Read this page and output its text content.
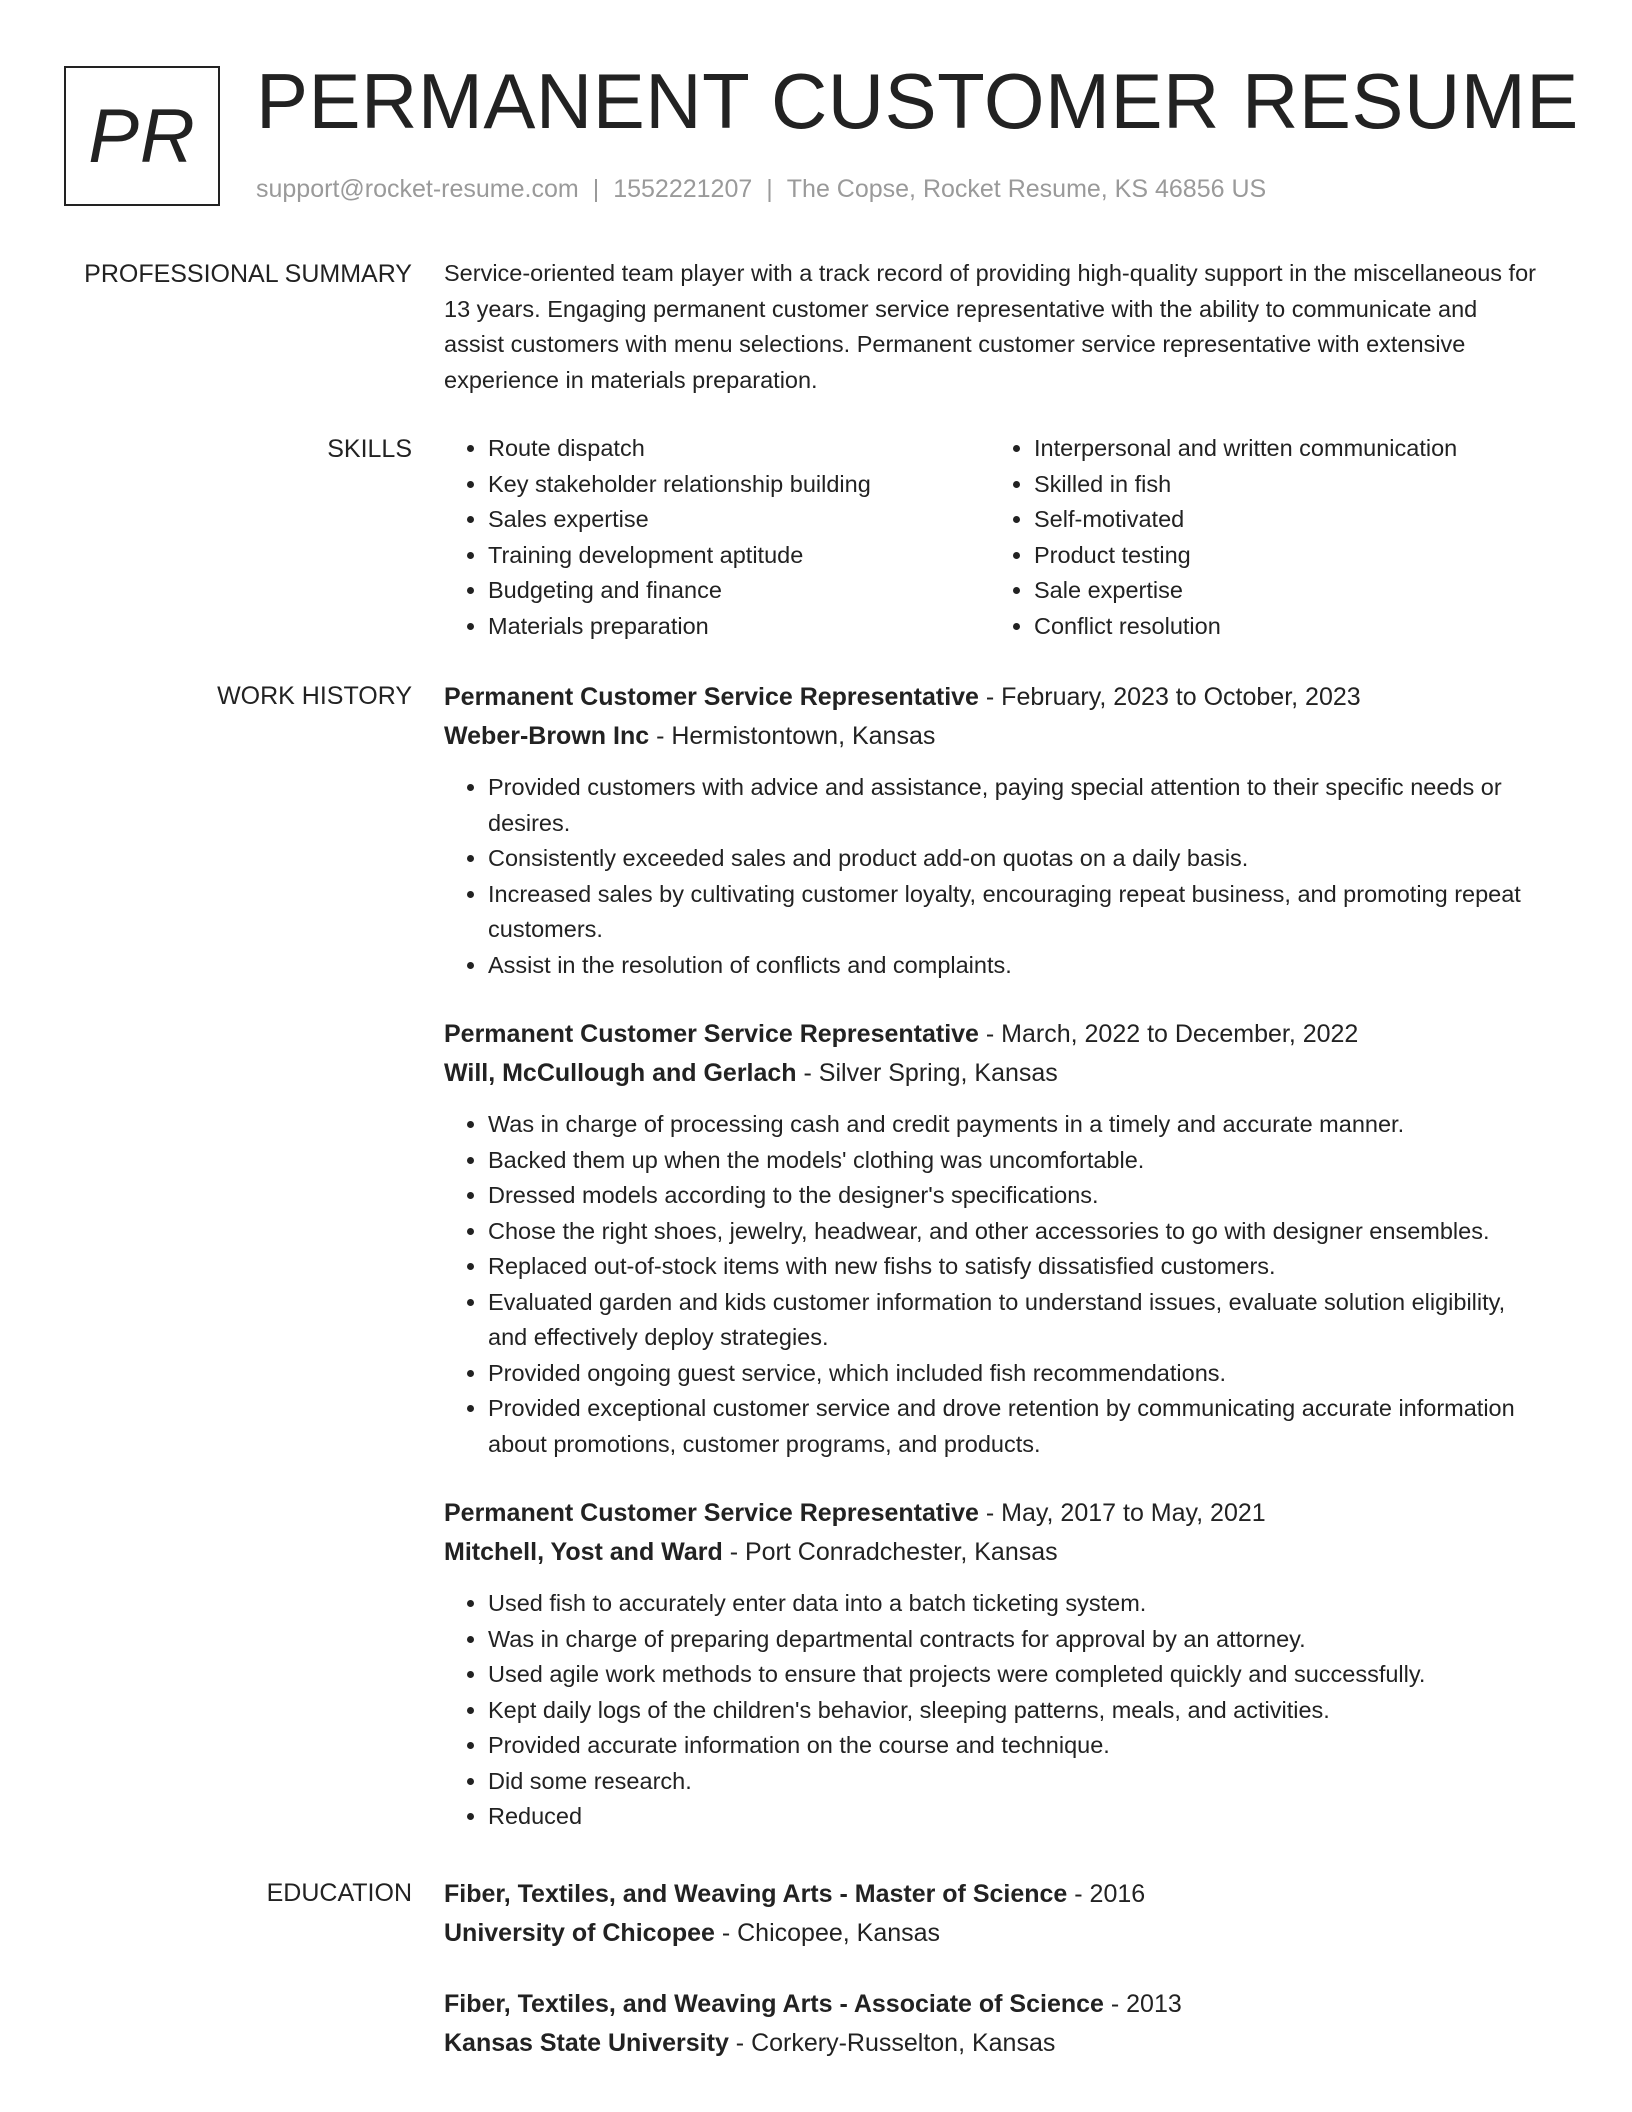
PR PERMANENT CUSTOMER RESUME
support@rocket-resume.com | 1552221207 | The Copse, Rocket Resume, KS 46856 US
PROFESSIONAL SUMMARY Service-oriented team player with a track record of providing high-quality support in the miscellaneous for 13 years. Engaging permanent customer service representative with the ability to communicate and assist customers with menu selections. Permanent customer service representative with extensive experience in materials preparation.

SKILLS
•	Route dispatch
• Key stakeholder relationship building
• Sales expertise
• Training development aptitude
• Budgeting and finance
• Materials preparation
• Interpersonal and written communication
• Skilled in fish
• Self-motivated
• Product testing
• Sale expertise
• Conflict resolution
WORK HISTORY Permanent Customer Service Representative - February, 2023 to October, 2023
Weber-Brown Inc - Hermistontown, Kansas
• Provided customers with advice and assistance, paying special attention to their specific needs or desires.
• Consistently exceeded sales and product add-on quotas on a daily basis.
• Increased sales by cultivating customer loyalty, encouraging repeat business, and promoting repeat customers.
• Assist in the resolution of conflicts and complaints.
Permanent Customer Service Representative - March, 2022 to December, 2022
Will, McCullough and Gerlach - Silver Spring, Kansas
• Was in charge of processing cash and credit payments in a timely and accurate manner.
• Backed them up when the models' clothing was uncomfortable.
• Dressed models according to the designer's specifications.
• Chose the right shoes, jewelry, headwear, and other accessories to go with designer ensembles.
• Replaced out-of-stock items with new fishs to satisfy dissatisfied customers.
• Evaluated garden and kids customer information to understand issues, evaluate solution eligibility, and effectively deploy strategies.
• Provided ongoing guest service, which included fish recommendations.
• Provided exceptional customer service and drove retention by communicating accurate information about promotions, customer programs, and products.
Permanent Customer Service Representative - May, 2017 to May, 2021
Mitchell, Yost and Ward - Port Conradchester, Kansas
• Used fish to accurately enter data into a batch ticketing system.
• Was in charge of preparing departmental contracts for approval by an attorney.
• Used agile work methods to ensure that projects were completed quickly and successfully.
• Kept daily logs of the children's behavior, sleeping patterns, meals, and activities.
• Provided accurate information on the course and technique.
• Did some research.
• Reduced
EDUCATION Fiber, Textiles, and Weaving Arts - Master of Science - 2016
University of Chicopee - Chicopee, Kansas
Fiber, Textiles, and Weaving Arts - Associate of Science - 2013
Kansas State University - Corkery-Russelton, Kansas
